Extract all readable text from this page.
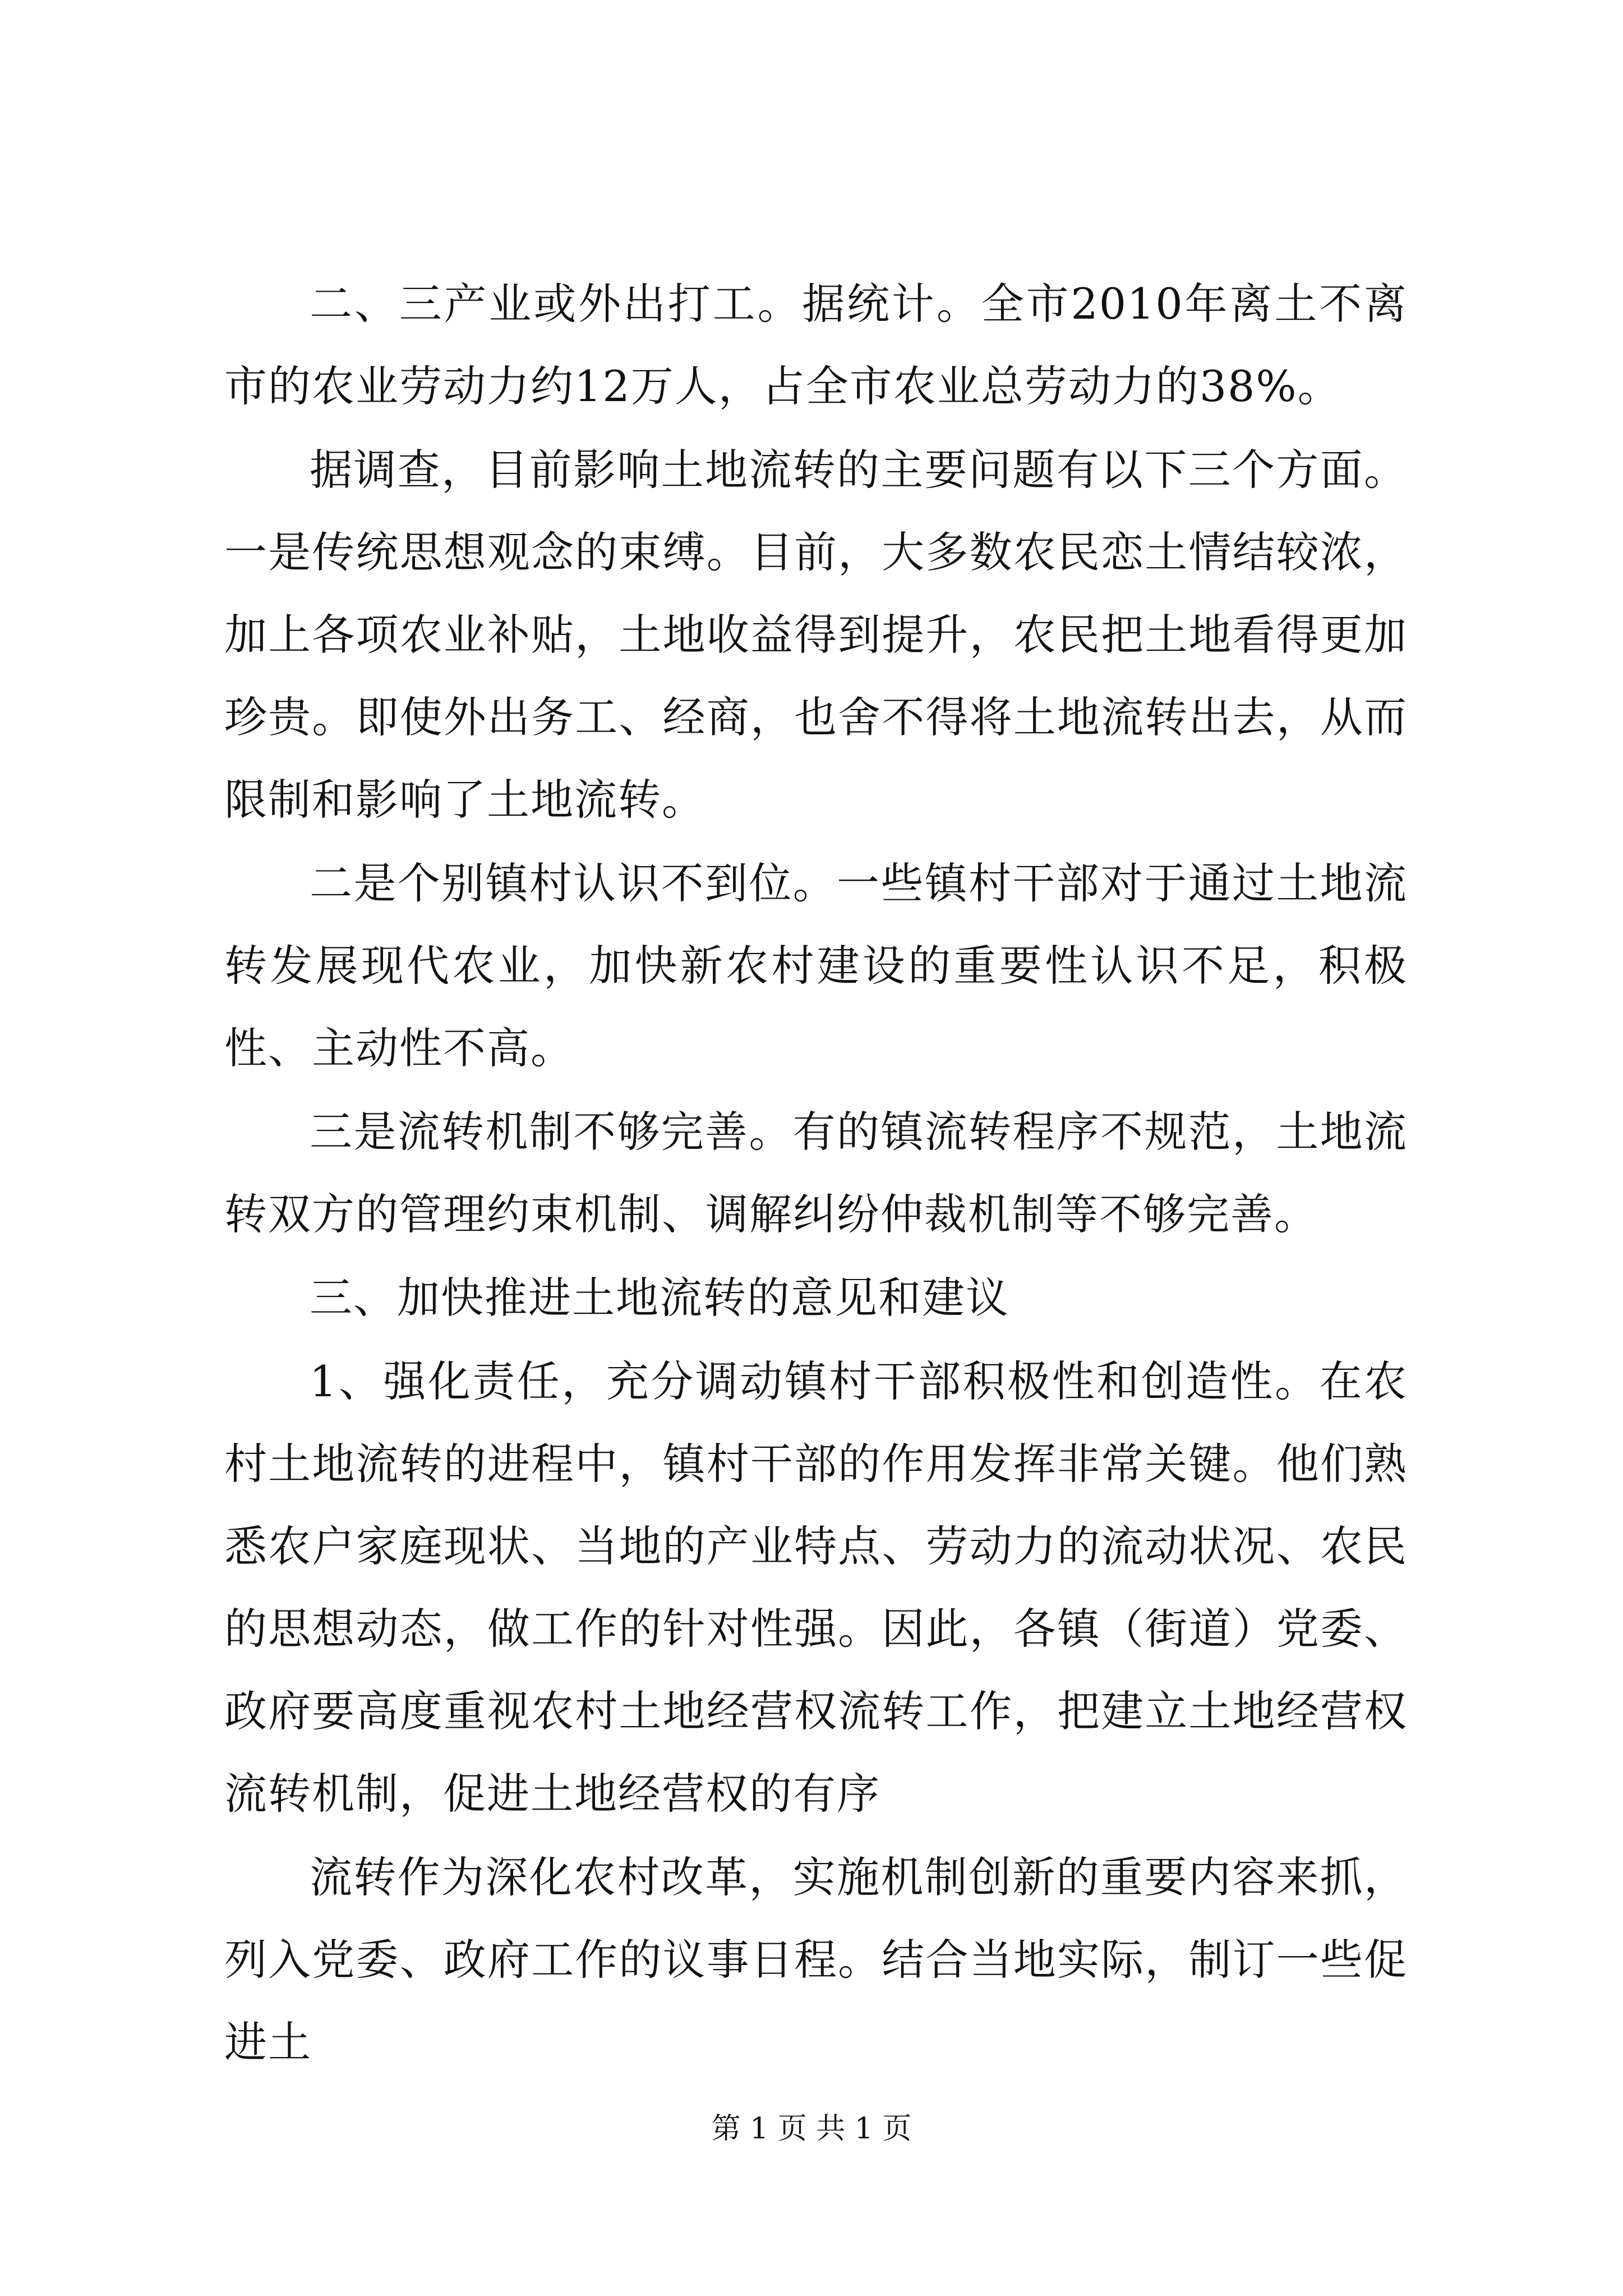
二、三产业或外出打工。据统计。全市2010年离土不离市的农业劳动力约12万人，占全市农业总劳动力的38%。

据调查，目前影响土地流转的主要问题有以下三个方面。一是传统思想观念的束缚。目前，大多数农民恋土情结较浓，加上各项农业补贴，土地收益得到提升，农民把土地看得更加珍贵。即使外出务工、经商，也舍不得将土地流转出去，从而限制和影响了土地流转。

二是个别镇村认识不到位。一些镇村干部对于通过土地流转发展现代农业，加快新农村建设的重要性认识不足，积极性、主动性不高。

三是流转机制不够完善。有的镇流转程序不规范，土地流转双方的管理约束机制、调解纠纷仲裁机制等不够完善。

三、加快推进土地流转的意见和建议

1、强化责任，充分调动镇村干部积极性和创造性。在农村土地流转的进程中，镇村干部的作用发挥非常关键。他们熟悉农户家庭现状、当地的产业特点、劳动力的流动状况、农民的思想动态，做工作的针对性强。因此，各镇（街道）党委、政府要高度重视农村土地经营权流转工作，把建立土地经营权流转机制，促进土地经营权的有序

流转作为深化农村改革，实施机制创新的重要内容来抓，列入党委、政府工作的议事日程。结合当地实际，制订一些促进土

第 1 页 共 1 页
